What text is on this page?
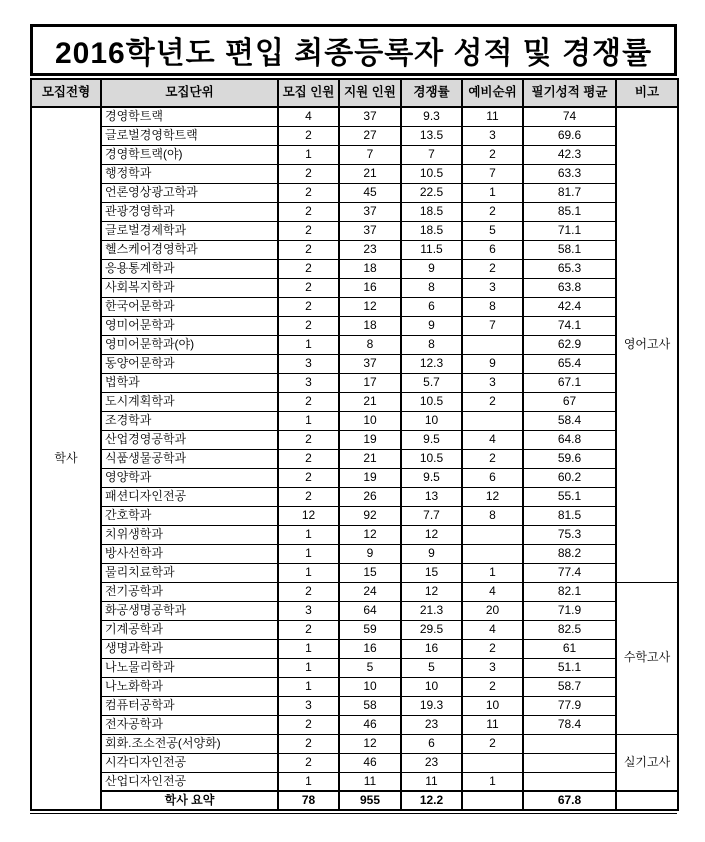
2016학년도 편입 최종등록자 성적 및 경쟁률
모집전형	모집단위	모집 인원	지원 인원	경쟁률	예비순위	필기성적 평균	비고
학사	경영학트랙	4	37	9.3	11	74	영어고사
	글로벌경영학트랙	2	27	13.5	3	69.6	
	경영학트랙(야)	1	7	7	2	42.3	
	행정학과	2	21	10.5	7	63.3	
	언론영상광고학과	2	45	22.5	1	81.7	
	관광경영학과	2	37	18.5	2	85.1	
	글로벌경제학과	2	37	18.5	5	71.1	
	헬스케어경영학과	2	23	11.5	6	58.1	
	응용통계학과	2	18	9	2	65.3	
	사회복지학과	2	16	8	3	63.8	
	한국어문학과	2	12	6	8	42.4	
	영미어문학과	2	18	9	7	74.1	
	영미어문학과(야)	1	8	8		62.9	
	동양어문학과	3	37	12.3	9	65.4	
	법학과	3	17	5.7	3	67.1	
	도시계획학과	2	21	10.5	2	67	
	조경학과	1	10	10		58.4	
	산업경영공학과	2	19	9.5	4	64.8	
	식품생물공학과	2	21	10.5	2	59.6	
	영양학과	2	19	9.5	6	60.2	
	패션디자인전공	2	26	13	12	55.1	
	간호학과	12	92	7.7	8	81.5	
	치위생학과	1	12	12		75.3	
	방사선학과	1	9	9		88.2	
	물리치료학과	1	15	15	1	77.4	
	전기공학과	2	24	12	4	82.1	수학고사
	화공생명공학과	3	64	21.3	20	71.9	
	기계공학과	2	59	29.5	4	82.5	
	생명과학과	1	16	16	2	61	
	나노물리학과	1	5	5	3	51.1	
	나노화학과	1	10	10	2	58.7	
	컴퓨터공학과	3	58	19.3	10	77.9	
	전자공학과	2	46	23	11	78.4	
	회화.조소전공(서양화)	2	12	6	2		실기고사
	시각디자인전공	2	46	23			
	산업디자인전공	1	11	11	1		
	학사 요약	78	955	12.2		67.8	
